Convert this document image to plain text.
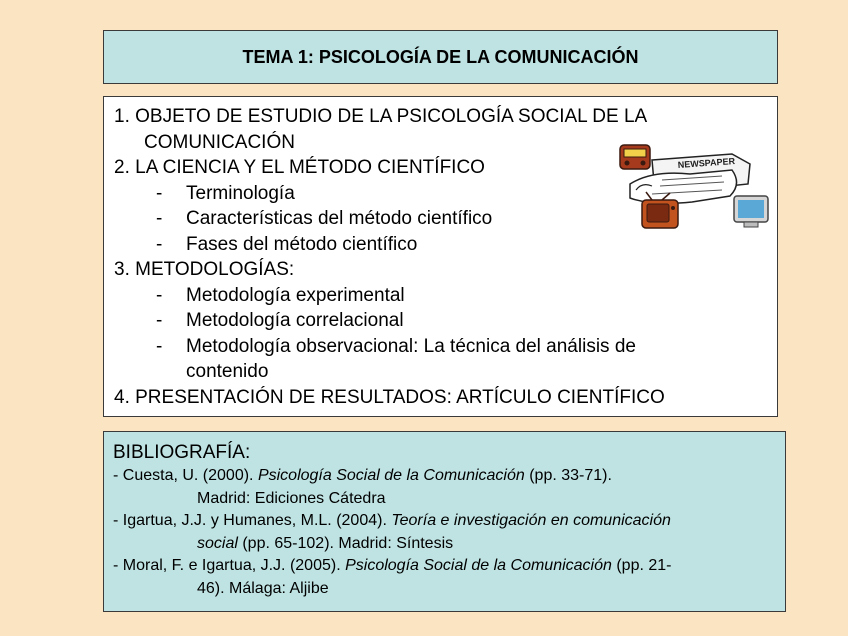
TEMA 1: PSICOLOGÍA DE LA COMUNICACIÓN
1. OBJETO DE ESTUDIO DE LA PSICOLOGÍA SOCIAL DE LA
COMUNICACIÓN
2. LA CIENCIA Y EL MÉTODO CIENTÍFICO
- Terminología
- Características del método científico
- Fases del método científico
3. METODOLOGÍAS:
- Metodología experimental
- Metodología correlacional
- Metodología observacional: La técnica del análisis de
contenido
4. PRESENTACIÓN DE RESULTADOS: ARTÍCULO CIENTÍFICO
NEWSPAPER
BIBLIOGRAFÍA:
- Cuesta, U. (2000). Psicología Social de la Comunicación (pp. 33-71).
Madrid: Ediciones Cátedra
- Igartua, J.J. y Humanes, M.L. (2004). Teoría e investigación en comunicación
social (pp. 65-102). Madrid: Síntesis
- Moral, F. e Igartua, J.J. (2005). Psicología Social de la Comunicación (pp. 21-
46). Málaga: Aljibe
